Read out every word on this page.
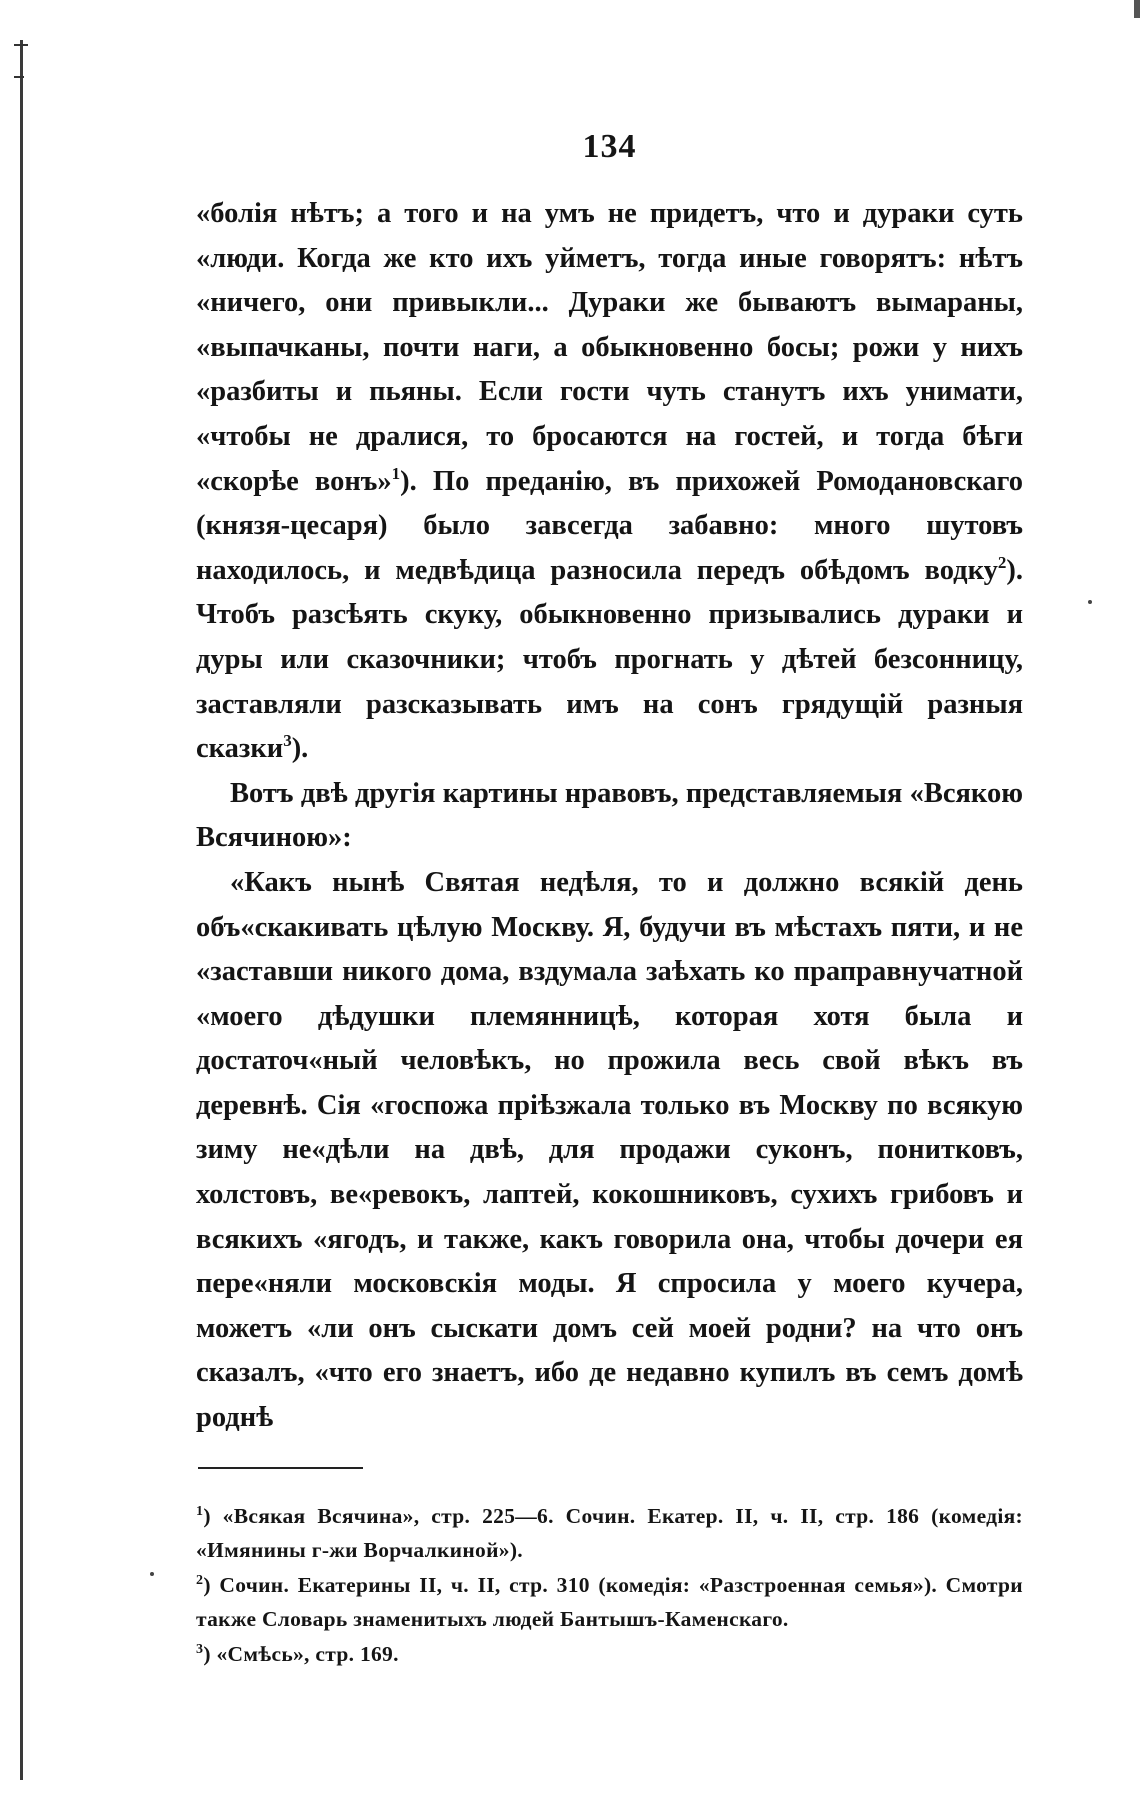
134

«болія нѣтъ; а того и на умъ не придетъ, что и дураки суть «люди. Когда же кто ихъ уйметъ, тогда иные говорятъ: нѣтъ «ничего, они привыкли... Дураки же бываютъ вымараны, «выпачканы, почти наги, а обыкновенно босы; рожи у нихъ «разбиты и пьяны. Если гости чуть станутъ ихъ унимати, «чтобы не дралися, то бросаются на гостей, и тогда бѣги «скорѣе вонъ»$^1$). По преданію, въ прихожей Ромодановскаго (князя-цесаря) было завсегда забавно: много шутовъ находилось, и медвѣдица разносила передъ обѣдомъ водку$^2$). Чтобъ разсѣять скуку, обыкновенно призывались дураки и дуры или сказочники; чтобъ прогнать у дѣтей безсонницу, заставляли разсказывать имъ на сонъ грядущій разныя сказки$^3$).

Вотъ двѣ другія картины нравовъ, представляемыя «Всякою Всячиною»:

«Какъ нынѣ Святая недѣля, то и должно всякій день объ«скакивать цѣлую Москву. Я, будучи въ мѣстахъ пяти, и не «заставши никого дома, вздумала заѣхать ко праправнучатной «моего дѣдушки племянницѣ, которая хотя была и достаточ«ный человѣкъ, но прожила весь свой вѣкъ въ деревнѣ. Сія «госпожа пріѣзжала только въ Москву по всякую зиму не«дѣли на двѣ, для продажи суконъ, понитковъ, холстовъ, ве«ревокъ, лаптей, кокошниковъ, сухихъ грибовъ и всякихъ «ягодъ, и также, какъ говорила она, чтобы дочери ея пере«няли московскія моды. Я спросила у моего кучера, можетъ «ли онъ сыскати домъ сей моей родни? на что онъ сказалъ, «что его знаетъ, ибо де недавно купилъ въ семъ домѣ роднѣ

$^1$) «Всякая Всячина», стр. 225—6. Сочин. Екатер. II, ч. II, стр. 186 (комедія: «Имянины г-жи Ворчалкиной»).

$^2$) Сочин. Екатерины II, ч. II, стр. 310 (комедія: «Разстроенная семья»). Смотри также Словарь знаменитыхъ людей Бантышъ-Каменскаго.

$^3$) «Смѣсь», стр. 169.
